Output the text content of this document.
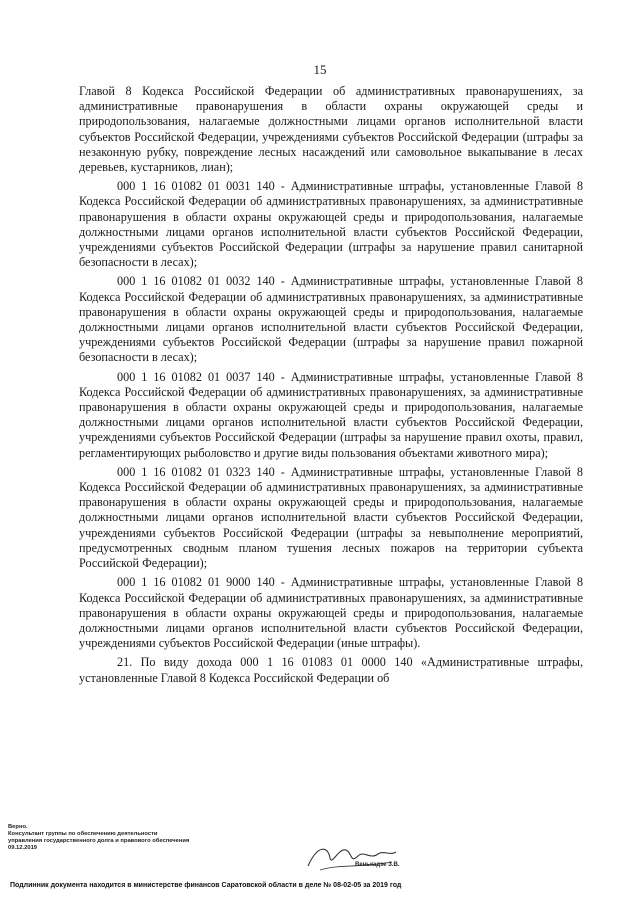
15

Главой 8 Кодекса Российской Федерации об административных правонарушениях, за административные правонарушения в области охраны окружающей среды и природопользования, налагаемые должностными лицами органов исполнительной власти субъектов Российской Федерации, учреждениями субъектов Российской Федерации (штрафы за незаконную рубку, повреждение лесных насаждений или самовольное выкапывание в лесах деревьев, кустарников, лиан);

000 1 16 01082 01 0031 140 - Административные штрафы, установленные Главой 8 Кодекса Российской Федерации об административных правонарушениях, за административные правонарушения в области охраны окружающей среды и природопользования, налагаемые должностными лицами органов исполнительной власти субъектов Российской Федерации, учреждениями субъектов Российской Федерации (штрафы за нарушение правил санитарной безопасности в лесах);

000 1 16 01082 01 0032 140 - Административные штрафы, установленные Главой 8 Кодекса Российской Федерации об административных правонарушениях, за административные правонарушения в области охраны окружающей среды и природопользования, налагаемые должностными лицами органов исполнительной власти субъектов Российской Федерации, учреждениями субъектов Российской Федерации (штрафы за нарушение правил пожарной безопасности в лесах);

000 1 16 01082 01 0037 140 - Административные штрафы, установленные Главой 8 Кодекса Российской Федерации об административных правонарушениях, за административные правонарушения в области охраны окружающей среды и природопользования, налагаемые должностными лицами органов исполнительной власти субъектов Российской Федерации, учреждениями субъектов Российской Федерации (штрафы за нарушение правил охоты, правил, регламентирующих рыболовство и другие виды пользования объектами животного мира);

000 1 16 01082 01 0323 140 - Административные штрафы, установленные Главой 8 Кодекса Российской Федерации об административных правонарушениях, за административные правонарушения в области охраны окружающей среды и природопользования, налагаемые должностными лицами органов исполнительной власти субъектов Российской Федерации, учреждениями субъектов Российской Федерации (штрафы за невыполнение мероприятий, предусмотренных сводным планом тушения лесных пожаров на территории субъекта Российской Федерации);

000 1 16 01082 01 9000 140 - Административные штрафы, установленные Главой 8 Кодекса Российской Федерации об административных правонарушениях, за административные правонарушения в области охраны окружающей среды и природопользования, налагаемые должностными лицами органов исполнительной власти субъектов Российской Федерации, учреждениями субъектов Российской Федерации (иные штрафы).

21. По виду дохода 000 1 16 01083 01 0000 140 «Административные штрафы, установленные Главой 8 Кодекса Российской Федерации об

Верно.
Консультант группы по обеспечению деятельности
управления государственного долга и правового обеспечения
09.12.2019
Венькадзе З.В.
Подлинник документа находится в министерстве финансов Саратовской области в деле № 08-02-05 за 2019 год
